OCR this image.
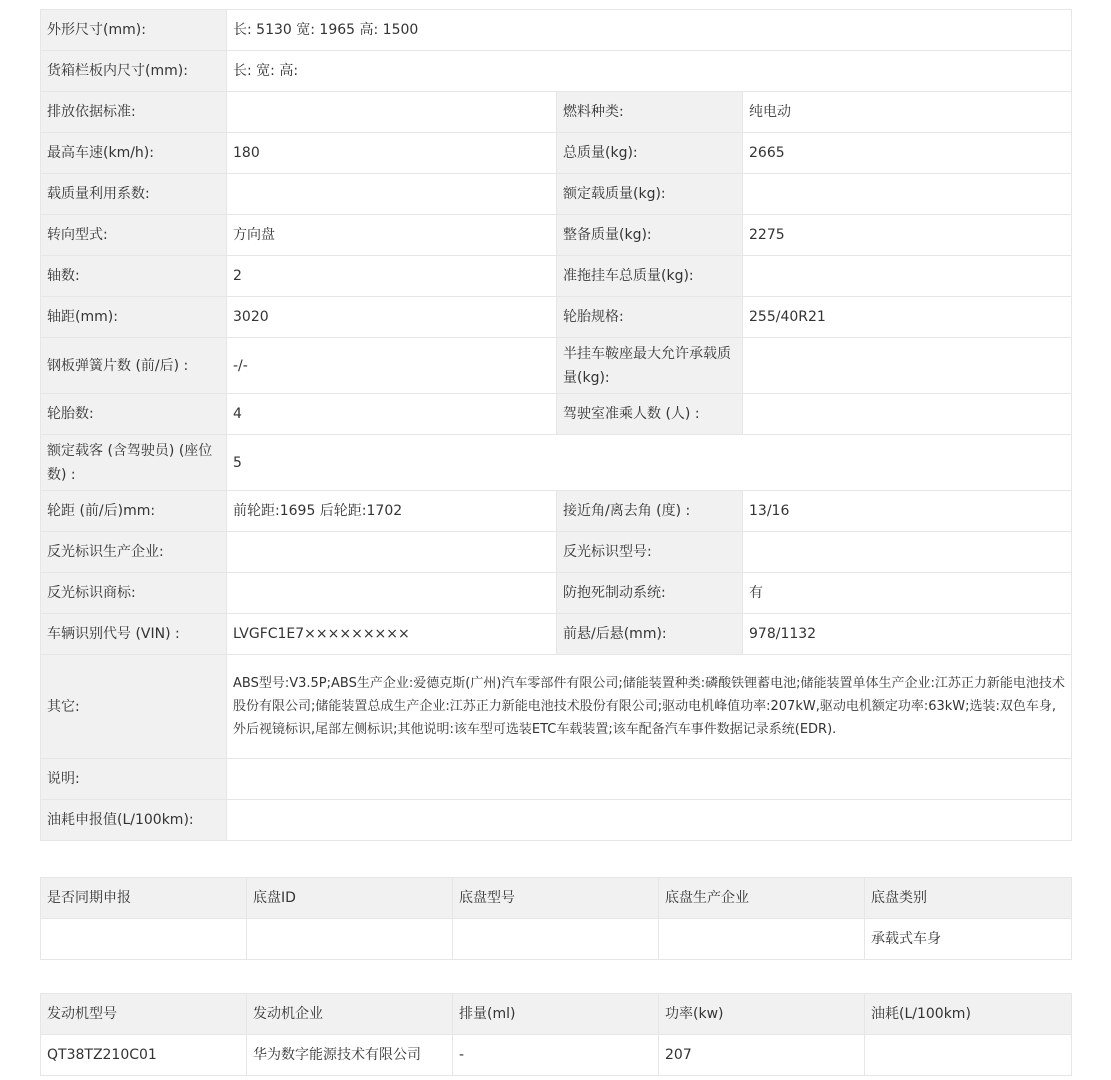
外形尺寸(mm):	长: 5130 宽: 1965 高: 1500		
货箱栏板内尺寸(mm):	长: 宽: 高:		
排放依据标准:		燃料种类:	纯电动
最高车速(km/h):	180	总质量(kg):	2665
载质量利用系数:		额定载质量(kg):	
转向型式:	方向盘	整备质量(kg):	2275
轴数:	2	准拖挂车总质量(kg):	
轴距(mm):	3020	轮胎规格:	255/40R21
钢板弹簧片数 (前/后) :	-/-	半挂车鞍座最大允许承载质量(kg):	
轮胎数:	4	驾驶室准乘人数 (人) :	
额定载客 (含驾驶员) (座位数) :	5		
轮距 (前/后)mm:	前轮距:1695 后轮距:1702	接近角/离去角 (度) :	13/16
反光标识生产企业:		反光标识型号:	
反光标识商标:		防抱死制动系统:	有
车辆识别代号 (VIN) :	LVGFC1E7×××××××××	前悬/后悬(mm):	978/1132
其它:	ABS型号:V3.5P;ABS生产企业:爱德克斯(广州)汽车零部件有限公司;储能装置种类:磷酸铁锂蓄电池;储能装置单体生产企业:江苏正力新能电池技术股份有限公司;储能装置总成生产企业:江苏正力新能电池技术股份有限公司;驱动电机峰值功率:207kW,驱动电机额定功率:63kW;选装:双色车身,外后视镜标识,尾部左侧标识;其他说明:该车型可选装ETC车载装置;该车配备汽车事件数据记录系统(EDR).		
说明:			
油耗申报值(L/100km):			
是否同期申报	底盘ID	底盘型号	底盘生产企业	底盘类别
				承载式车身
发动机型号	发动机企业	排量(ml)	功率(kw)	油耗(L/100km)
QT38TZ210C01	华为数字能源技术有限公司	-	207	
